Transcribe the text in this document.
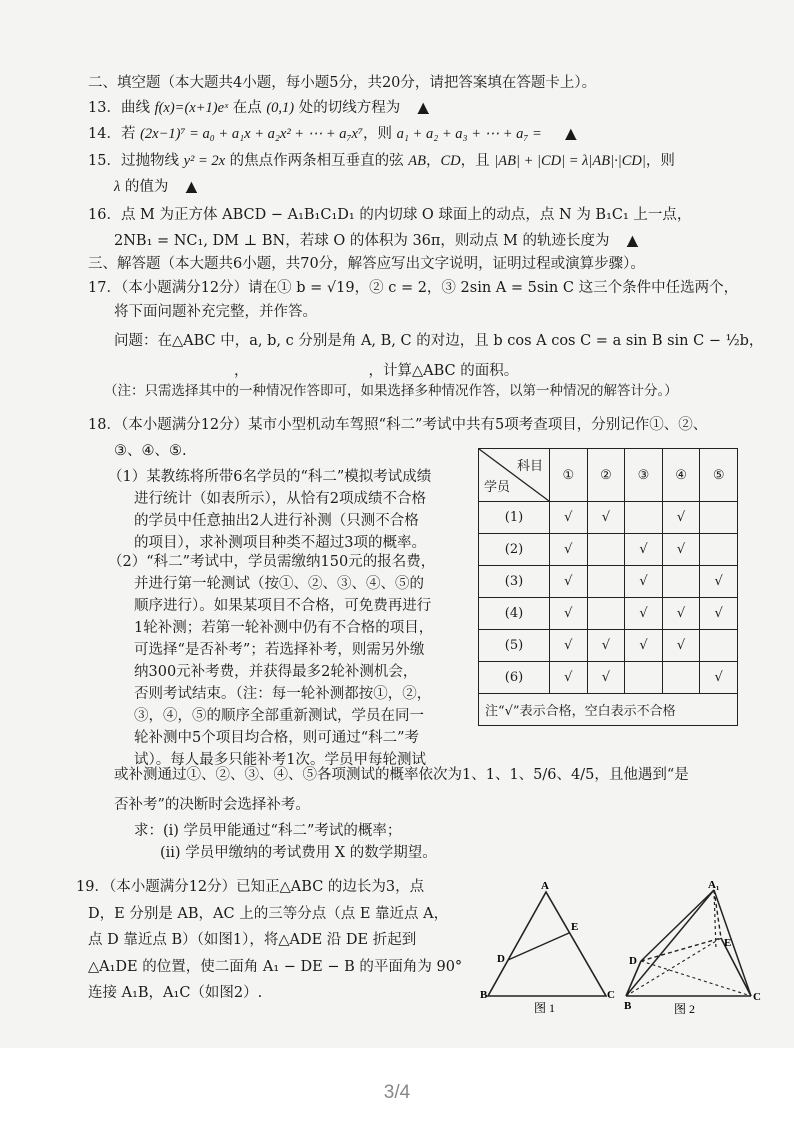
二、填空题（本大题共4小题，每小题5分，共20分，请把答案填在答题卡上）。
13．曲线 f(x)=(x+1)eˣ 在点 (0,1) 处的切线方程为 ▲
14．若 (2x−1)⁷ = a₀ + a₁x + a₂x² + ⋯ + a₇x⁷，则 a₁ + a₂ + a₃ + ⋯ + a₇ = ▲
15．过抛物线 y² = 2x 的焦点作两条相互垂直的弦 AB，CD，且 |AB| + |CD| = λ|AB|·|CD|，则
λ 的值为 ▲
16．点 M 为正方体 ABCD − A₁B₁C₁D₁ 的内切球 O 球面上的动点，点 N 为 B₁C₁ 上一点，
2NB₁ = NC₁, DM ⊥ BN，若球 O 的体积为 36π，则动点 M 的轨迹长度为 ▲
三、解答题（本大题共6小题，共70分，解答应写出文字说明，证明过程或演算步骤）。
17．（本小题满分12分）请在① b = √19，② c = 2，③ 2sin A = 5sin C 这三个条件中任选两个，
将下面问题补充完整，并作答。
问题：在△ABC 中，a, b, c 分别是角 A, B, C 的对边，且 b cos A cos C = a sin B sin C − ½b，
，	，计算△ABC 的面积。
（注：只需选择其中的一种情况作答即可，如果选择多种情况作答，以第一种情况的解答计分。）
18．（本小题满分12分）某市小型机动车驾照“科二”考试中共有5项考查项目，分别记作①、②、
③、④、⑤.
（1）某教练将所带6名学员的“科二”模拟考试成绩
进行统计（如表所示），从恰有2项成绩不合格
的学员中任意抽出2人进行补测（只测不合格
的项目），求补测项目种类不超过3项的概率。
（2）“科二”考试中，学员需缴纳150元的报名费，
并进行第一轮测试（按①、②、③、④、⑤的
顺序进行）。如果某项目不合格，可免费再进行
1轮补测；若第一轮补测中仍有不合格的项目，
可选择“是否补考”；若选择补考，则需另外缴
纳300元补考费，并获得最多2轮补测机会，
否则考试结束。（注：每一轮补测都按①，②，
③，④，⑤的顺序全部重新测试，学员在同一
轮补测中5个项目均合格，则可通过“科二”考
试）。每人最多只能补考1次。学员甲每轮测试
或补测通过①、②、③、④、⑤各项测试的概率依次为1、1、1、5/6、4/5，且他遇到“是
否补考”的决断时会选择补考。
求：(i) 学员甲能通过“科二”考试的概率；
(ii) 学员甲缴纳的考试费用 X 的数学期望。
科目
学员	①	②	③	④	⑤
(1)	√	√		√	
(2)	√		√	√	
(3)	√		√		√
(4)	√		√	√	√
(5)	√	√	√	√	
(6)	√	√			√
注“√”表示合格，空白表示不合格					
19．（本小题满分12分）已知正△ABC 的边长为3，点
D，E 分别是 AB，AC 上的三等分点（点 E 靠近点 A，
点 D 靠近点 B）（如图1），将△ADE 沿 DE 折起到
△A₁DE 的位置，使二面角 A₁ − DE − B 的平面角为 90°
连接 A₁B，A₁C（如图2）.
A
E
D
B	C
图 1
A₁
E
D
B
C
图 2
3/4
